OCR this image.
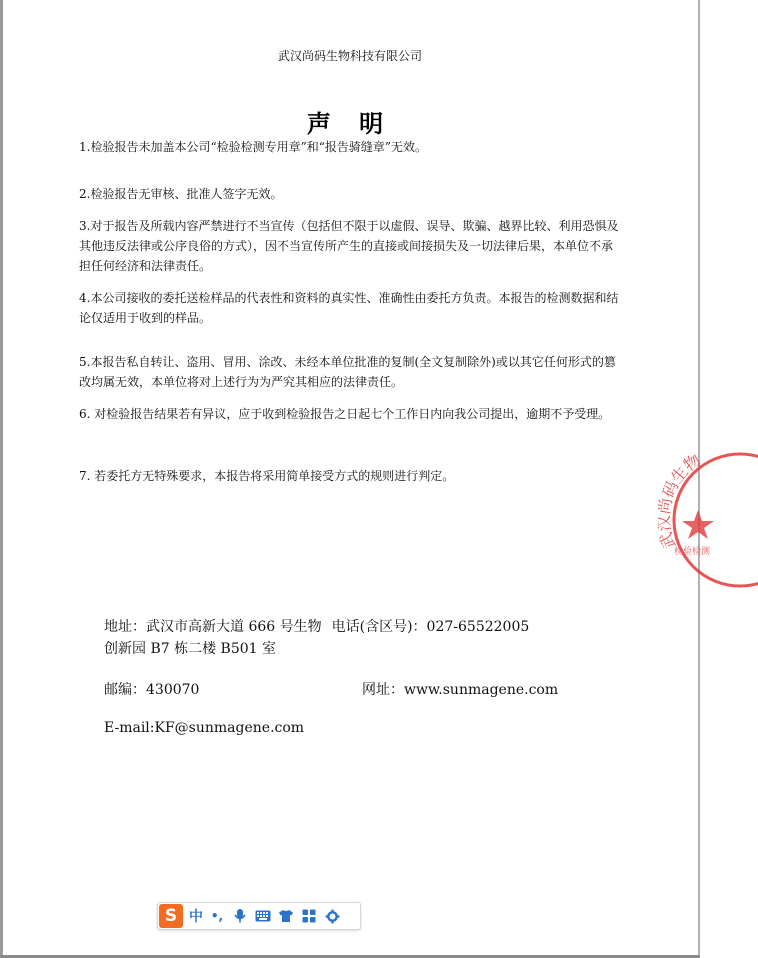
武汉尚码生物科技有限公司
声 明

1.检验报告未加盖本公司“检验检测专用章”和“报告骑缝章”无效。

2.检验报告无审核、批准人签字无效。

3.对于报告及所载内容严禁进行不当宣传（包括但不限于以虚假、误导、欺骗、越界比较、利用恐惧及其他违反法律或公序良俗的方式），因不当宣传所产生的直接或间接损失及一切法律后果，本单位不承担任何经济和法律责任。

4.本公司接收的委托送检样品的代表性和资料的真实性、准确性由委托方负责。本报告的检测数据和结论仅适用于收到的样品。

5.本报告私自转让、盗用、冒用、涂改、未经本单位批准的复制(全文复制除外)或以其它任何形式的篡改均属无效，本单位将对上述行为为严究其相应的法律责任。

6. 对检验报告结果若有异议，应于收到检验报告之日起七个工作日内向我公司提出，逾期不予受理。

7. 若委托方无特殊要求，本报告将采用简单接受方式的规则进行判定。

地址：武汉市高新大道 666 号生物 电话(含区号)：027-65522005
创新园 B7 栋二楼 B501 室
邮编：430070	网址：www.sunmagene.com
E-mail:KF@sunmagene.com
武 码生物
检验检测
S 中 •,
